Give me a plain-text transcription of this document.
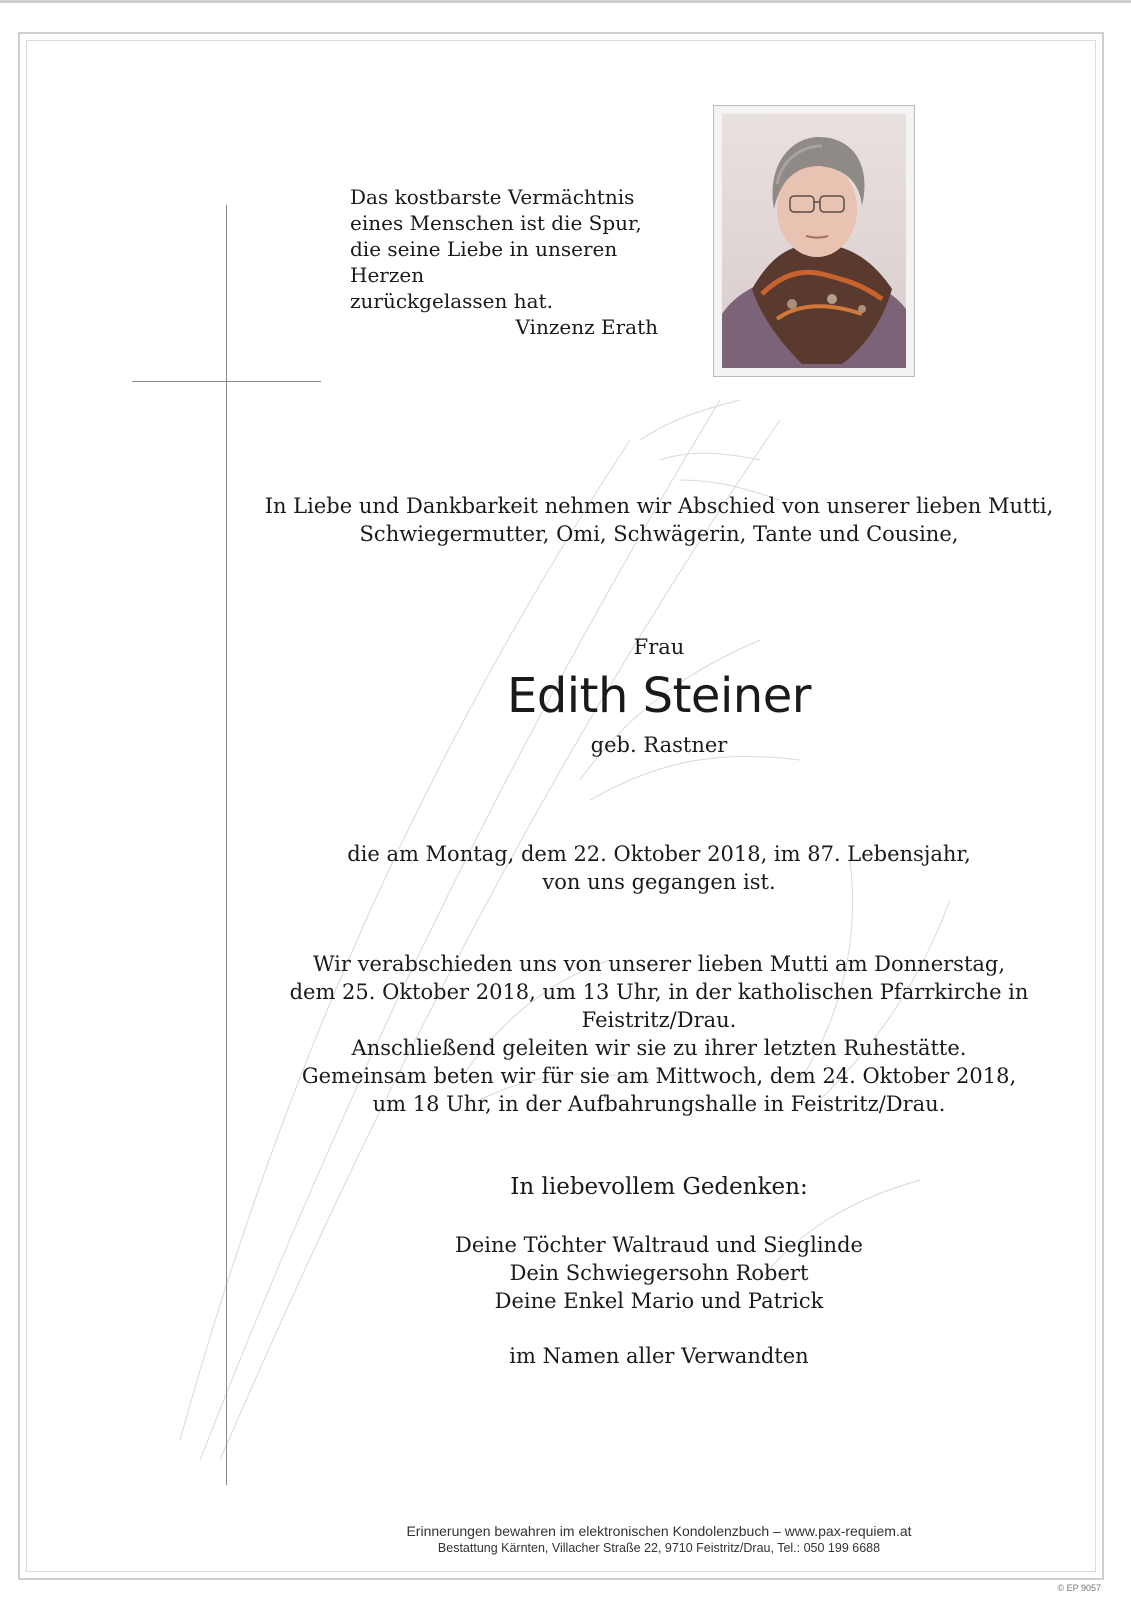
Das kostbarste Vermächtnis
eines Menschen ist die Spur,
die seine Liebe in unseren Herzen
zurückgelassen hat.
Vinzenz Erath
In Liebe und Dankbarkeit nehmen wir Abschied von unserer lieben Mutti,
Schwiegermutter, Omi, Schwägerin, Tante und Cousine,
Frau
Edith Steiner
geb. Rastner
die am Montag, dem 22. Oktober 2018, im 87. Lebensjahr,
von uns gegangen ist.
Wir verabschieden uns von unserer lieben Mutti am Donnerstag,
dem 25. Oktober 2018, um 13 Uhr, in der katholischen Pfarrkirche in Feistritz/Drau.
Anschließend geleiten wir sie zu ihrer letzten Ruhestätte.
Gemeinsam beten wir für sie am Mittwoch, dem 24. Oktober 2018,
um 18 Uhr, in der Aufbahrungshalle in Feistritz/Drau.
In liebevollem Gedenken:
Deine Töchter Waltraud und Sieglinde
Dein Schwiegersohn Robert
Deine Enkel Mario und Patrick
im Namen aller Verwandten
Erinnerungen bewahren im elektronischen Kondolenzbuch – www.pax-requiem.at
Bestattung Kärnten, Villacher Straße 22, 9710 Feistritz/Drau, Tel.: 050 199 6688
© EP 9057
